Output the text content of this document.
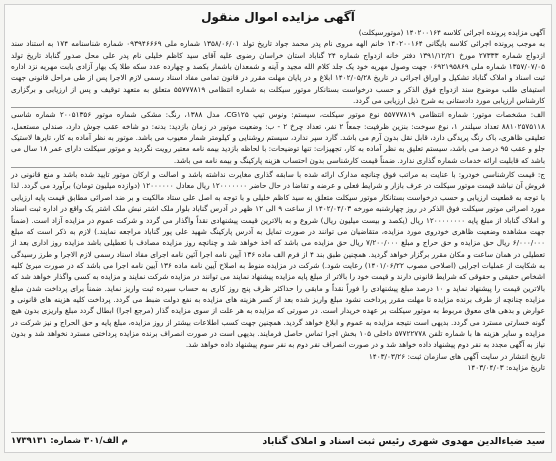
آگهی مزایده اموال منقول

آگهی مزایده پرونده اجرائی کلاسه ۱۴۰۲۰۰۱۶۴ (موتورسیکلت)

به موجب پرونده اجرائی کلاسه بایگانی ۱۴۰۲۰۰۱۶۴ خانم الهه مروی نام پدر محمد جواد تاریخ تولد ۱۳۵۸/۰۶/۰۱ شماره ملی ۰۹۳۹۴۶۶۶۹ شماره شناسنامه ۱۷۴ به استناد سند ازدواج شماره ۲۷۳۳۳ مورخ ۱۳۹۱/۱۲/۲۱ دفتر خانه ازدواج شماره ۲۴ گناباد استان خراسان رضوی علیه آقای سید کاظم خلیلی نام پدر علی محل صدور گناباد تاریخ تولد ۱۳۵۷/۰۷/۰۵ شماره ملی ۰۶۹۲۱۹۵۸۶۹ جهت وصول مهریه خود یک جلد کلام الله مجید و آینه و شمعدان باشمار بکصد و چهارده عدد سکه طلا یک بهار آزادی بابت مهریه نزد اداره ثبت اسناد و املاک گناباد تشکیل و اوراق اجرائی در تاریخ ۱۴۰۲/۰۵/۲۸ ابلاغ و در پایان مهلت مقرر در قانون تمامی مفاد اسناد رسمی لازم الاجرا پس از طی مراحل قانونی جهت استیفای طلب موضوع سند ازدواج فوق الذکر و حسب درخواست بستانکار موتور سیکلت به شماره انتظامی ۵۵۷۷۷۸۱۹ متعلق به متعهد توقیف و پس از ارزیابی و برگزاری کارشناس ارزیابی مورد دادستانی به شرح ذیل ارزیابی می گردد.

الف: مشخصات موتور: شماره انتظامی ۵۵۷۷۷۸۱۹ نوع موتور سیکلت، سیستم: ونوس تیپ CG۱۲۵، مدل ۱۳۸۸، رنگ: مشکی شماره موتور ۲۰۰۵۱۳۵۶ شماره شاسی ۸۸۱۰۲۵۷۵۱۱۸ تعداد سیلندر ۱، نوع سوخت: بنزین ظرفیت: جمعاً ۲ نفر، تعداد چرخ ۲ - ب: وضعیت موتور در زمان بازدید: بدنه: دو شاخه عقب جوش دارد، صندلی مستعمل، تعلیقی ظاهری، باک رنگ پریدگی دارد، قابل نقل بدون آرم می باشد. گارد سپر ندارد، سیستم روشنایی و کیلومتر شمار معیوب می باشد. موتور به نظر آماده به کار، تایرها لاستیک جلو و عقب ۹۵ درصد می باشد، سیستم تعلیق به نظر آماده به کار، تجهیزات: تنها توضیحات: با لحاظه بازدید بیمه نامه معتبر رویت نگردید و موتور سیکلت دارای عمر ۱۸ سال می باشد که قابلیت ارائه خدمات شماره گذاری ندارد. ضمناً قیمت کارشناسی بدون احتساب هزینه پارکینگ و بیمه نامه می باشد.

ج: قیمت کارشناسی خودرو: با عنایت به مراتب فوق چنانچه مدارک ارائه شده با سابقه گذاری مغایرت نداشته باشد و اصالت و ارکان موتور تایید شده باشد و منع قانونی در فروش آن نباشد قیمت موتور سیکلت در عرف بازار و شرایط فعلی و عرضه و تقاضا در حال حاضر ۱۲۰۰۰۰۰۰۰ ریال معادل ۱۲۰۰۰۰۰۰ (دوازده میلیون تومان) برآورد می گردد. لذا با توجه به قطعیت ارزیابی و حسب درخواست بستانکار موتور سیکلت متعلق به سید کاظم خلیلی و با توجه به اصل علی ستاد مالکیت و بر ضد اصرائی مطابق قیمت پایه ارزیابی مورد اصرائی موتور سیکلت فوق الذکر در روز چهارشنبه مورخه ۱۴۰۲/۰۴/۰۳ از ساعت ۹ الی ۱۲ ظهر در آدرس گناباد بلوار ملک اشتر نبش ملک اشتر یک واقع در اداره ثبت اسناد و املاک گناباد از مبلغ پایه ۱۲۰۰۰۰۰۰۰۰ ریال (یکصد و بیست میلیون ریال) شروع و به بالاترین قیمت پیشنهادی نقداً واگذار می گردد و شرکت عموم در مزایده آزاد است. (ضمناً جهت مشاهده وضعیت ظاهری خودروی مورد مزایده، متقاضیان می توانند در صورت تمایل به آدرس پارکینگ شهید علی پور گناباد مراجعه نمایند.) لازم به ذکر است که مبلغ ۶/۰۰۰/۰۰۰ ریال حق مزایده و حق حراج و مبلغ ۷/۲۰۰/۰۰۰ ریال حق مزایده می باشد که اخذ خواهد شد و چنانچه روز مزایده مصادف با تعطیلی باشد مزایده روز اداری بعد از تعطیلی در همان ساعت و مکان مقرر برگزار خواهد گردید. همچنین طبق بند ۴ از فرم الف ماده ۱۳۶ آیین نامه اجرا آئین نامه اجرای مفاد اسناد رسمی لازم الاجرا و طرز رسیدگی به شکایت از عملیات اجرایی (اصلاحی مصوب ۱۴۰۱/۰۶/۲۲) رعایت شود.) شرکت در مزایده منوط به اصلاح آیین نامه ماده ۱۳۶ آیین نامه اجرا می باشد که در صورت مبرئ کلیه اشخاص حقیقی و حقوقی که شرایط قانونی دارند و قیمت خود را بالاتر از مبلغ پایه مزایده پیشنهاد نمایند می توانند در مزایده شرکت نمایند و مزایده به کسی واگذار خواهد شد که بالاترین قیمت را پیشنهاد نماید و ۱۰ درصد مبلغ پیشنهادی را فوراً نقداً و مابقی را حداکثر ظرف پنج روز کاری به حساب سپرده ثبت واریز نماید. ضمناً برای پرداخت شدن مبلغ مزایده چنانچه از طرف برنده مزایده تا مهلت مقرر پرداخت نشود مبلغ واریز شده بعد از کسر هزینه های مزایده به نفع دولت ضبط می گردد. پرداخت کلیه هزینه های قانونی و عوارض و بدهی های معوق مربوط به موتور سیکلت بر عهده خریدار است. در صورتی که مزایده به هر علت از سوی مزایده گذار (مرجع اجرا) ابطال گردد مبلغ واریزی بدون هیچ گونه خسارتی مسترد می گردد. بدیهی است نتیجه مزایده به عموم و ابلاغ خواهد گردید. همچنین جهت کسب اطلاعات بیشتر از روز مزایده، مبلغ پایه و حق الحراج و نیز شرکت در مزایده و سایر هزینه ها با شماره تلفن ۵۷۷۲۲۷۷۸ داخلی ۱۰۵ بخش اجرا تماس حاصل فرمایند. بدیهی است در صورت انصراف برنده مزایده پرداختی مسترد نخواهد شد و بدون نیاز به آگهی مجدد به نفر دوم پیشنهاد داده خواهد شد و در صورت انصراف نفر دوم به نفر سوم پیشنهاد داده خواهد شد.

تاریخ انتشار در سایت آگهی های سازمان ثبت: ۱۴۰۳/۰۳/۲۶

تاریخ مزایده: ۱۴۰۳/۰۴/۰۳

سید ضیاءالدین مهدوی شهری رئیس ثبت اسناد و املاک گناباد
م الف/۳۰۱ شماره: ۱۷۳۹۱۳۱
